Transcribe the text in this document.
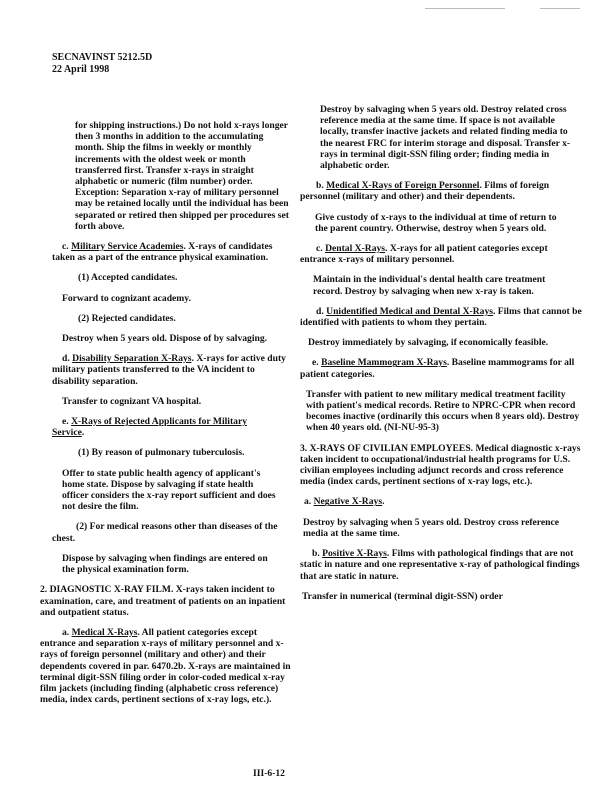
SECNAVINST 5212.5D
22 April 1998

for shipping instructions.) Do not hold x-rays longer then 3 months in addition to the accumulating month. Ship the films in weekly or monthly increments with the oldest week or month transferred first. Transfer x-rays in straight alphabetic or numeric (film number) order. Exception: Separation x-ray of military personnel may be retained locally until the individual has been separated or retired then shipped per procedures set forth above.

c. Military Service Academies. X-rays of candidates taken as a part of the entrance physical examination.

(1) Accepted candidates.

Forward to cognizant academy.

(2) Rejected candidates.

Destroy when 5 years old. Dispose of by salvaging.

d. Disability Separation X-Rays. X-rays for active duty military patients transferred to the VA incident to disability separation.

Transfer to cognizant VA hospital.

e. X-Rays of Rejected Applicants for Military Service.

(1) By reason of pulmonary tuberculosis.

Offer to state public health agency of applicant's home state. Dispose by salvaging if state health officer considers the x-ray report sufficient and does not desire the film.

(2) For medical reasons other than diseases of the chest.

Dispose by salvaging when findings are entered on the physical examination form.

2. DIAGNOSTIC X-RAY FILM. X-rays taken incident to examination, care, and treatment of patients on an inpatient and outpatient status.

a. Medical X-Rays. All patient categories except entrance and separation x-rays of military personnel and x-rays of foreign personnel (military and other) and their dependents covered in par. 6470.2b. X-rays are maintained in terminal digit-SSN filing order in color-coded medical x-ray film jackets (including finding (alphabetic cross reference) media, index cards, pertinent sections of x-ray logs, etc.).

Destroy by salvaging when 5 years old. Destroy related cross reference media at the same time. If space is not available locally, transfer inactive jackets and related finding media to the nearest FRC for interim storage and disposal. Transfer x-rays in terminal digit-SSN filing order; finding media in alphabetic order.

b. Medical X-Rays of Foreign Personnel. Films of foreign personnel (military and other) and their dependents.

Give custody of x-rays to the individual at time of return to the parent country. Otherwise, destroy when 5 years old.

c. Dental X-Rays. X-rays for all patient categories except entrance x-rays of military personnel.

Maintain in the individual's dental health care treatment record. Destroy by salvaging when new x-ray is taken.

d. Unidentified Medical and Dental X-Rays. Films that cannot be identified with patients to whom they pertain.

Destroy immediately by salvaging, if economically feasible.

e. Baseline Mammogram X-Rays. Baseline mammograms for all patient categories.

Transfer with patient to new military medical treatment facility with patient's medical records. Retire to NPRC-CPR when record becomes inactive (ordinarily this occurs when 8 years old). Destroy when 40 years old. (NI-NU-95-3)

3. X-RAYS OF CIVILIAN EMPLOYEES. Medical diagnostic x-rays taken incident to occupational/industrial health programs for U.S. civilian employees including adjunct records and cross reference media (index cards, pertinent sections of x-ray logs, etc.).

a. Negative X-Rays.

Destroy by salvaging when 5 years old. Destroy cross reference media at the same time.

b. Positive X-Rays. Films with pathological findings that are not static in nature and one representative x-ray of pathological findings that are static in nature.

Transfer in numerical (terminal digit-SSN) order

III-6-12
